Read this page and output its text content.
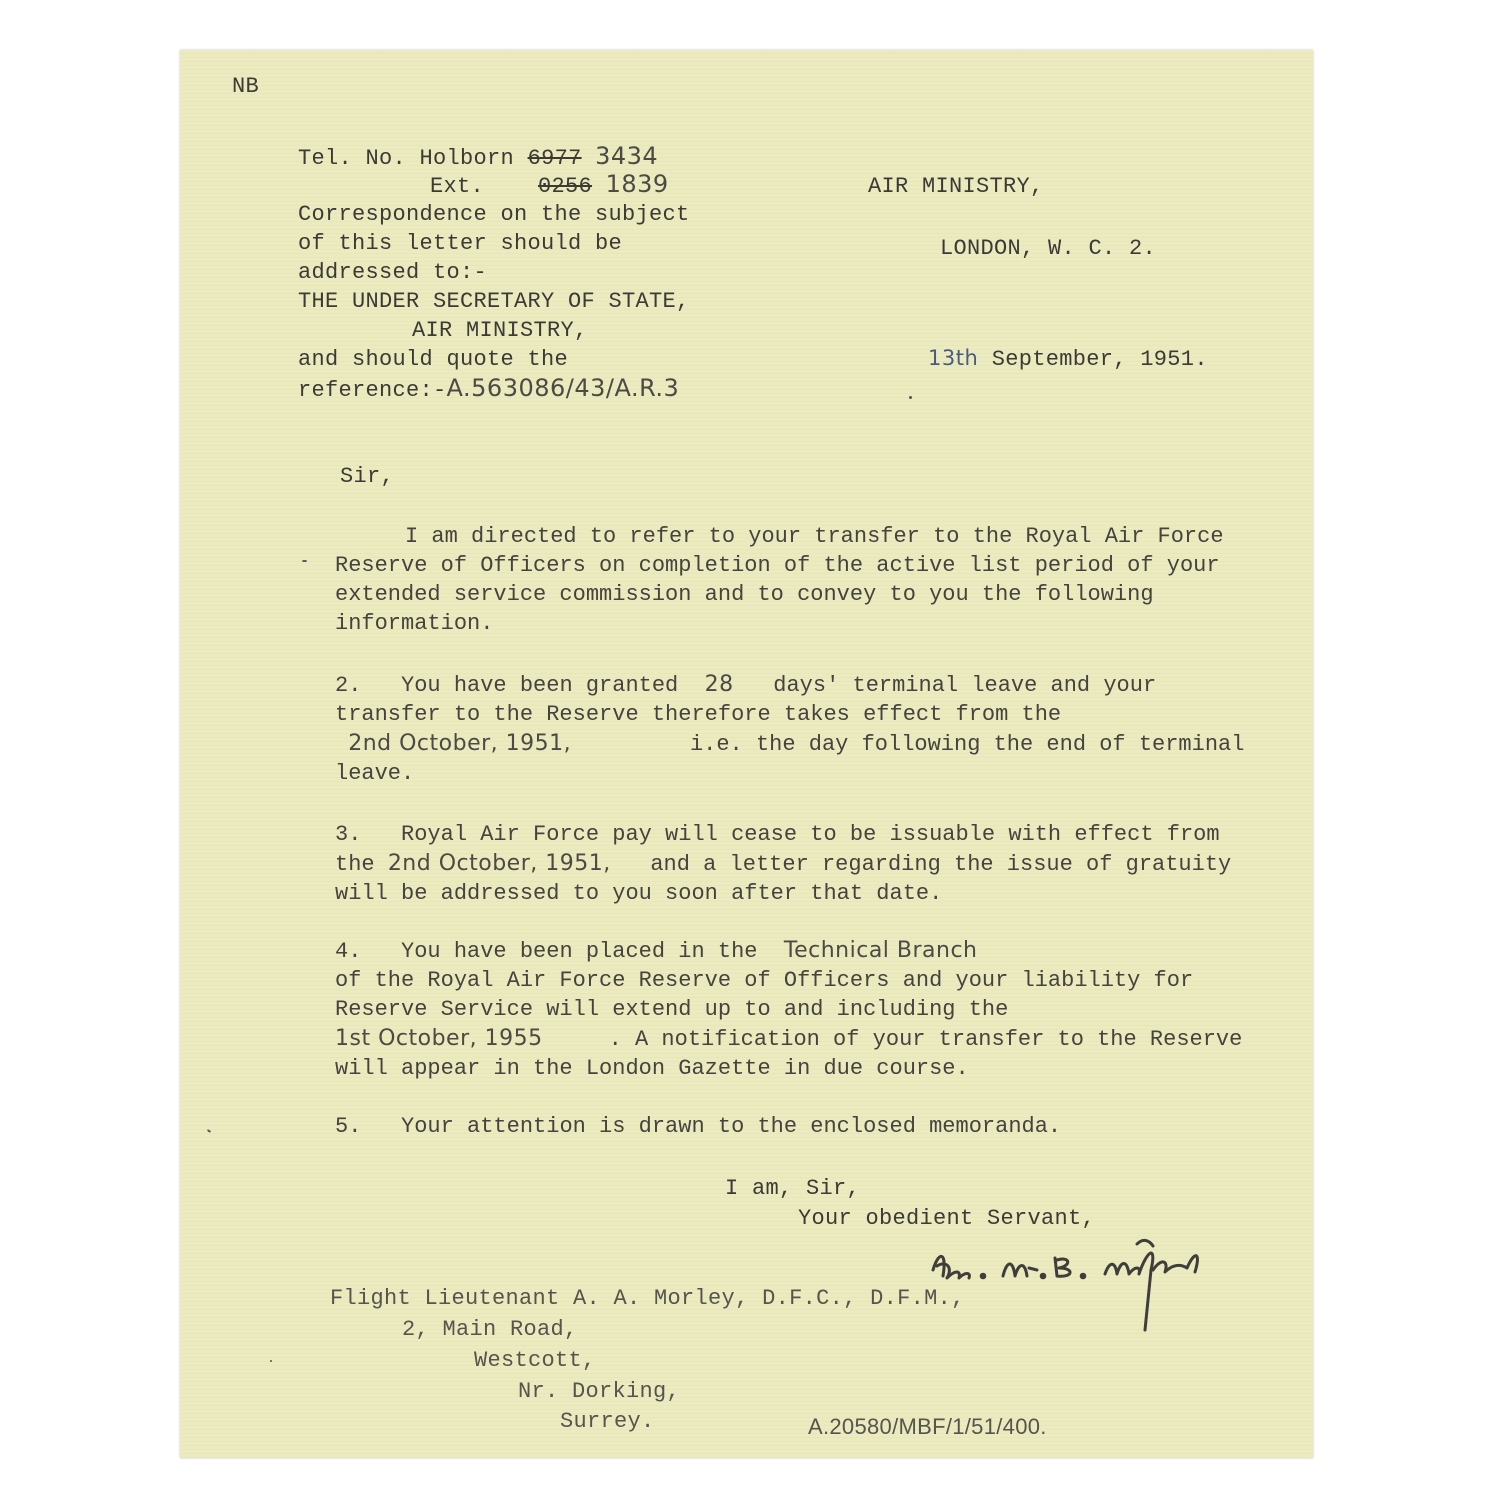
NB
Tel. No. Holborn 6977 3434
Ext. 0256 1839
Correspondence on the subject
of this letter should be
addressed to:-
THE UNDER SECRETARY OF STATE,
AIR MINISTRY,
and should quote the
reference:-A.563086/43/A.R.3
AIR MINISTRY,
LONDON, W. C. 2.
13th September, 1951.
Sir,
I am directed to refer to your transfer to the Royal Air Force Reserve of Officers on completion of the active list period of your extended service commission and to convey to you the following information.
2. You have been granted 28 days' terminal leave and your transfer to the Reserve therefore takes effect from the
2nd October, 1951,	i.e. the day following the end of terminal leave.
3. Royal Air Force pay will cease to be issuable with effect from the 2nd October, 1951, and a letter regarding the issue of gratuity will be addressed to you soon after that date.
4. You have been placed in the Technical Branch
of the Royal Air Force Reserve of Officers and your liability for Reserve Service will extend up to and including the
1st October, 1955	. A notification of your transfer to the Reserve will appear in the London Gazette in due course.
5. Your attention is drawn to the enclosed memoranda.
I am, Sir,
Your obedient Servant,
Flight Lieutenant A. A. Morley, D.F.C., D.F.M.,
2, Main Road,
Westcott,
Nr. Dorking,
Surrey.	A.20580/MBF/1/51/400.
